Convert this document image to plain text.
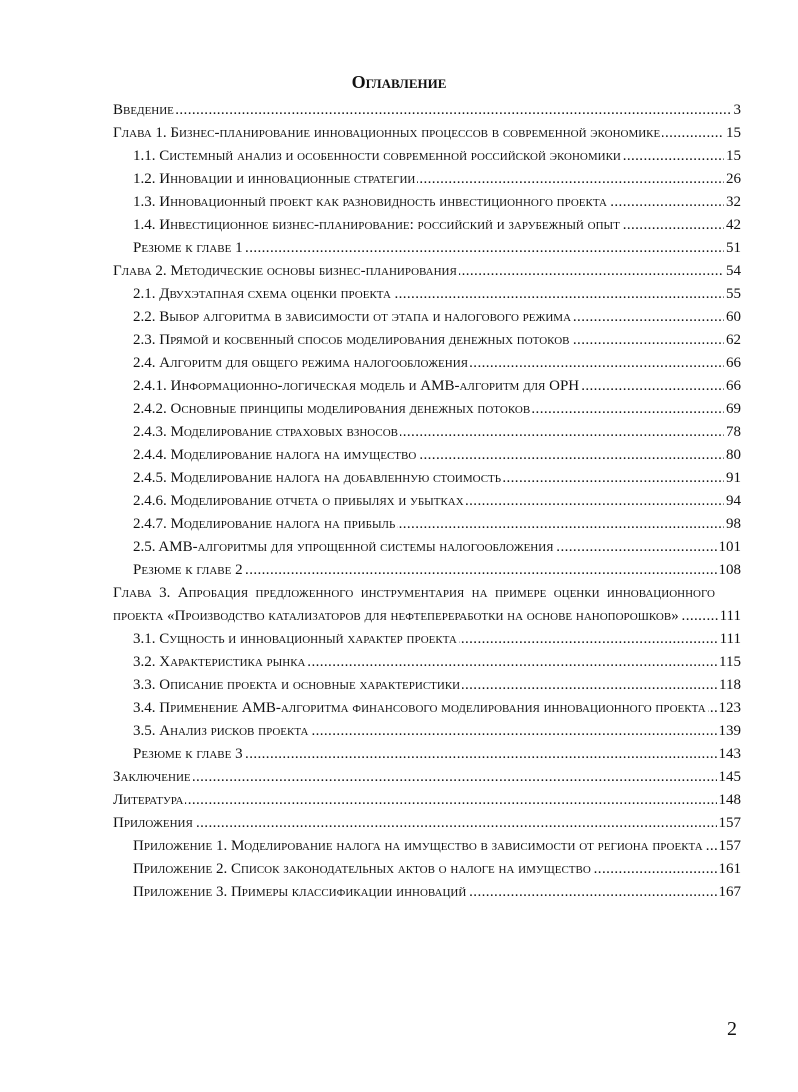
Оглавление
Введение	3
.....
Глава 1. Бизнес-планирование инновационных процессов в современной экономике	15
.....
1.1. Системный анализ и особенности современной российской экономики	15
.....
1.2. Инновации и инновационные стратегии	26
.....
1.3. Инновационный проект как разновидность инвестиционного проекта	32
.....
1.4. Инвестиционное бизнес-планирование: российский и зарубежный опыт	42
.....
Резюме к главе 1	51
.....
Глава 2. Методические основы бизнес-планирования	54
.....
2.1. Двухэтапная схема оценки проекта	55
.....
2.2. Выбор алгоритма в зависимости от этапа и налогового режима	60
.....
2.3. Прямой и косвенный способ моделирования денежных потоков	62
.....
2.4. Алгоритм для общего режима налогообложения	66
.....
2.4.1. Информационно-логическая модель и AMB-алгоритм для ОРН	66
.....
2.4.2. Основные принципы моделирования денежных потоков	69
.....
2.4.3. Моделирование страховых взносов	78
.....
2.4.4. Моделирование налога на имущество	80
.....
2.4.5. Моделирование налога на добавленную стоимость	91
.....
2.4.6. Моделирование отчета о прибылях и убытках	94
.....
2.4.7. Моделирование налога на прибыль	98
.....
2.5. AMB-алгоритмы для упрощенной системы налогообложения	101
.....
Резюме к главе 2	108
.....
Глава 3. Апробация предложенного инструментария на примере оценки инновационного проекта «Производство катализаторов для нефтепереработки на основе нанопорошков»	111
.....
3.1. Сущность и инновационный характер проекта	111
.....
3.2. Характеристика рынка	115
.....
3.3. Описание проекта и основные характеристики	118
.....
3.4. Применение AMB-алгоритма финансового моделирования инновационного проекта 123
.....
3.5. Анализ рисков проекта	139
.....
Резюме к главе 3	143
.....
Заключение	145
.....
Литература	148
.....
Приложения	157
.....
Приложение 1. Моделирование налога на имущество в зависимости от региона проекта 157
.....
Приложение 2. Список законодательных актов о налоге на имущество	161
.....
Приложение 3. Примеры классификации инноваций	167
.....
2
